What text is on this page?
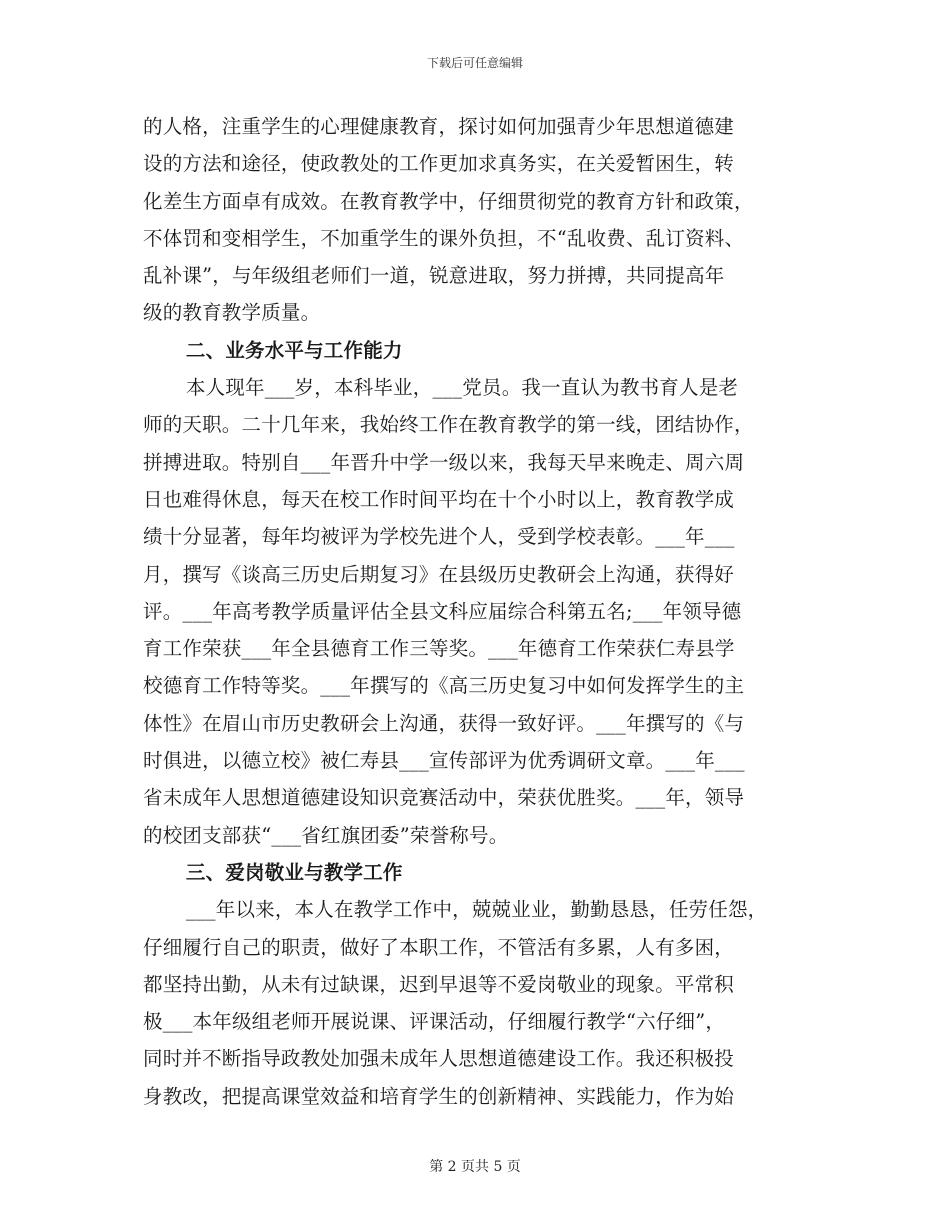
下载后可任意编辑
的人格，注重学生的心理健康教育，探讨如何加强青少年思想道德建
设的方法和途径，使政教处的工作更加求真务实，在关爱暂困生，转
化差生方面卓有成效。在教育教学中，仔细贯彻党的教育方针和政策，
不体罚和变相学生，不加重学生的课外负担，不“乱收费、乱订资料、
乱补课”，与年级组老师们一道，锐意进取，努力拼搏，共同提高年
级的教育教学质量。
二、业务水平与工作能力
本人现年___岁，本科毕业，___党员。我一直认为教书育人是老
师的天职。二十几年来，我始终工作在教育教学的第一线，团结协作，
拼搏进取。特别自___年晋升中学一级以来，我每天早来晚走、周六周
日也难得休息，每天在校工作时间平均在十个小时以上，教育教学成
绩十分显著，每年均被评为学校先进个人，受到学校表彰。___年___
月，撰写《谈高三历史后期复习》在县级历史教研会上沟通，获得好
评。___年高考教学质量评估全县文科应届综合科第五名;___年领导德
育工作荣获___年全县德育工作三等奖。___年德育工作荣获仁寿县学
校德育工作特等奖。___年撰写的《高三历史复习中如何发挥学生的主
体性》在眉山市历史教研会上沟通，获得一致好评。___年撰写的《与
时俱进，以德立校》被仁寿县___宣传部评为优秀调研文章。___年___
省未成年人思想道德建设知识竞赛活动中，荣获优胜奖。___年，领导
的校团支部获“___省红旗团委”荣誉称号。
三、爱岗敬业与教学工作
___年以来，本人在教学工作中，兢兢业业，勤勤恳恳，任劳任怨，
仔细履行自己的职责，做好了本职工作，不管活有多累，人有多困，
都坚持出勤，从未有过缺课，迟到早退等不爱岗敬业的现象。平常积
极___本年级组老师开展说课、评课活动，仔细履行教学“六仔细”，
同时并不断指导政教处加强未成年人思想道德建设工作。我还积极投
身教改，把提高课堂效益和培育学生的创新精神、实践能力，作为始
第 2 页共 5 页
